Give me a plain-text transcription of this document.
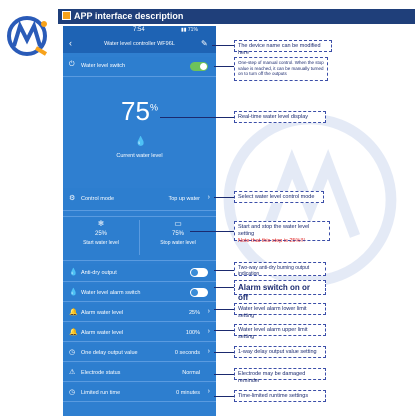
APP interface description
7:54	▮▮ 71%
‹	Water level controller WF96L	✎
⏻ Water level switch
75%
💧
Current water level
⚙ Control mode	Top up water ›
❄
25%
Start water level
▭
75%
Stop water level
💧 Anti-dry output
💧 Water level alarm switch
🔔 Alarm water level	25% ›
🔔 Alarm water level	100% ›
◷ One delay output value	0 seconds ›
⚠ Electrode status	Normal
◷ Limited run time	0 minutes ›
The device name can be modified here
One-step of manual control. When the stop value is reached, it can be manually turned on to turn off the outputs
Real-time water level display
Select water level control mode
Start and stop the water level setting
Note that this step is 25%!!!
Two-way anti-dry burning output indication
Alarm switch on or off
Water level alarm lower limit setting
Water level alarm upper limit setting
1-way delay output value setting
Electrode may be damaged reminder
Time-limited runtime settings
